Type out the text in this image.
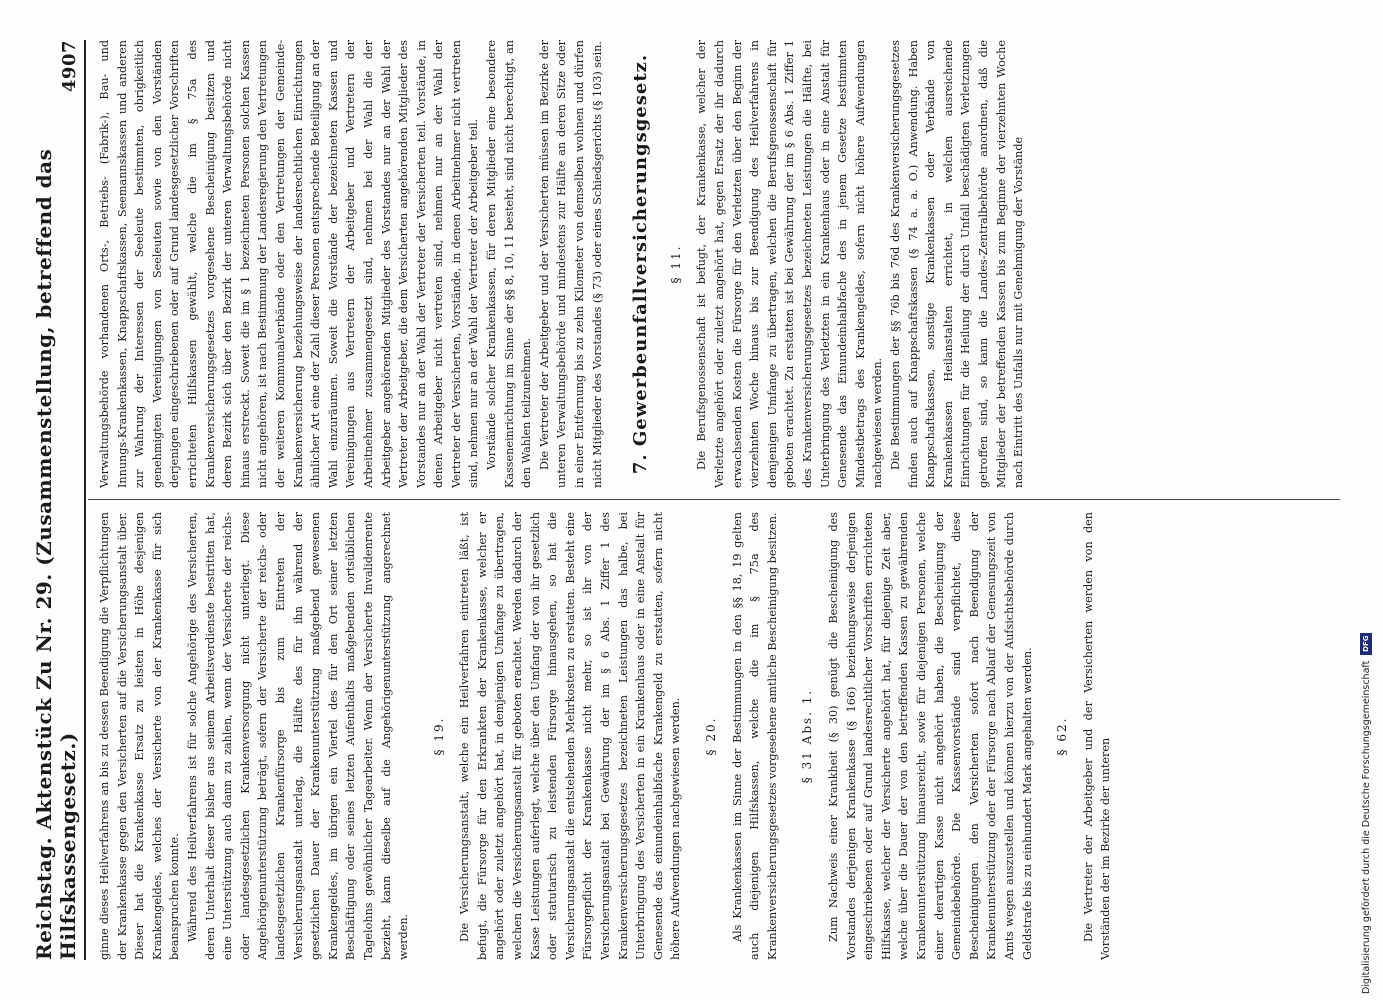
Reichstag. Aktenstück Zu Nr. 29. (Zusammenstellung, betreffend das Hilfskassengesetz.)
4907

ginne dieses Heilverfahrens an bis zu dessen Beendigung die Verpflichtungen der Krankenkasse gegen den Versicherten auf die Versicherungsanstalt über. Dieser hat die Krankenkasse Ersatz zu leisten in Höhe desjenigen Krankengeldes, welches der Versicherte von der Krankenkasse für sich beanspruchen konnte. Während des Heilverfahrens ist für solche Angehörige des Versicherten, deren Unterhalt dieser bisher aus seinem Arbeitsverdienste bestritten hat, eine Unterstützung auch dann zu zahlen, wenn der Versicherte der reichs- oder landesgesetzlichen Krankenversorgung nicht unterliegt. Diese Angehörigenunterstützung beträgt, sofern der Versicherte der reichs- oder landesgesetzlichen Krankenfürsorge bis zum Eintreten der Versicherungsanstalt unterlag, die Hälfte des für ihn während der gesetzlichen Dauer der Krankenunterstützung maßgebend gewesenen Krankengeldes, im übrigen ein Viertel des für den Ort seiner letzten Beschäftigung oder seines letzten Aufenthalts maßgebenden ortsüblichen Tagelohns gewöhnlicher Tagearbeiter. Wenn der Versicherte Invalidenrente bezieht, kann dieselbe auf die Angehörigenunterstützung angerechnet werden.

§ 19. Die Versicherungsanstalt, welche ein Heilverfahren eintreten läßt, ist befugt, die Fürsorge für den Erkrankten der Krankenkasse, welcher er angehört oder zuletzt angehört hat, in demjenigen Umfange zu übertragen, welchen die Versicherungsanstalt für geboten erachtet. Werden dadurch der Kasse Leistungen auferlegt, welche über den Umfang der von ihr gesetzlich oder statutarisch zu leistenden Fürsorge hinausgehen, so hat die Versicherungsanstalt die entstehenden Mehrkosten zu erstatten. Besteht eine Fürsorgepflicht der Krankenkasse nicht mehr, so ist ihr von der Versicherungsanstalt bei Gewährung der im § 6 Abs. 1 Ziffer 1 des Krankenversicherungsgesetzes bezeichneten Leistungen das halbe, bei Unterbringung des Versicherten in ein Krankenhaus oder in eine Anstalt für Genesende das einundeinhalbfache Krankengeld zu erstatten, sofern nicht höhere Aufwendungen nachgewiesen werden. § 20. Als Krankenkassen im Sinne der Bestimmungen in den §§ 18, 19 gelten auch diejenigen Hilfskassen, welche die im § 75a des Krankenversicherungsgesetzes vorgesehene amtliche Bescheinigung besitzen. § 31 Abs. 1. Zum Nachweis einer Krankheit (§ 30) genügt die Bescheinigung des Vorstandes derjenigen Krankenkasse (§ 166) beziehungsweise derjenigen eingeschriebenen oder auf Grund landesrechtlicher Vorschriften errichteten Hilfskasse, welcher der Versicherte angehört hat, für diejenige Zeit aber, welche über die Dauer der von den betreffenden Kassen zu gewährenden Krankenunterstützung hinausreicht, sowie für diejenigen Personen, welche einer derartigen Kasse nicht angehört haben, die Bescheinigung der Gemeindebehörde. Die Kassenvorstände sind verpflichtet, diese Bescheinigungen den Versicherten sofort nach Beendigung der Krankenunterstützung oder der Fürsorge nach Ablauf der Genesungszeit von Amts wegen auszustellen und können hierzu von der Aufsichtsbehörde durch Geldstrafe bis zu einhundert Mark angehalten werden. § 62. Die Vertreter der Arbeitgeber und der Versicherten werden von den Vorständen der im Bezirke der unteren

Verwaltungsbehörde vorhandenen Orts-, Betriebs- (Fabrik-), Bau- und Innungs-Krankenkassen, Knappschaftskassen, Seemannskassen und anderen zur Wahrung der Interessen der Seeleute bestimmten, obrigkeitlich genehmigten Vereinigungen von Seeleuten sowie von den Vorständen derjenigen eingeschriebenen oder auf Grund landesgesetzlicher Vorschriften errichteten Hilfskassen gewählt, welche die im § 75a des Krankenversicherungsgesetzes vorgesehene Bescheinigung besitzen und deren Bezirk sich über den Bezirk der unteren Verwaltungsbehörde nicht hinaus erstreckt. Soweit die im § 1 bezeichneten Personen solchen Kassen nicht angehören, ist nach Bestimmung der Landesregierung den Vertretungen der weiteren Kommunalverbände oder den Vertretungen der Gemeinde-Krankenversicherung beziehungsweise der landesrechtlichen Einrichtungen ähnlicher Art eine der Zahl dieser Personen entsprechende Beteiligung an der Wahl einzuräumen. Soweit die Vorstände der bezeichneten Kassen und Vereinigungen aus Vertretern der Arbeitgeber und Vertretern der Arbeitnehmer zusammengesetzt sind, nehmen bei der Wahl die der Arbeitgeber angehörenden Mitglieder des Vorstandes nur an der Wahl der Vertreter der Arbeitgeber, die dem Versicherten angehörenden Mitglieder des Vorstandes nur an der Wahl der Vertreter der Versicherten teil. Vorstände, in denen Arbeitgeber nicht vertreten sind, nehmen nur an der Wahl der Vertreter der Versicherten, Vorstände, in denen Arbeitnehmer nicht vertreten sind, nehmen nur an der Wahl der Vertreter der Arbeitgeber teil. Vorstände solcher Krankenkassen, für deren Mitglieder eine besondere Kasseneinrichtung im Sinne der §§ 8, 10, 11 besteht, sind nicht berechtigt, an den Wahlen teilzunehmen. Die Vertreter der Arbeitgeber und der Versicherten müssen im Bezirke der unteren Verwaltungsbehörde und mindestens zur Hälfte an deren Sitze oder in einer Entfernung bis zu zehn Kilometer von demselben wohnen und dürfen nicht Mitglieder des Vorstandes (§ 73) oder eines Schiedsgerichts (§ 103) sein. 7. Gewerbeunfallversicherungsgesetz. § 11. Die Berufsgenossenschaft ist befugt, der Krankenkasse, welcher der Verletzte angehört oder zuletzt angehört hat, gegen Ersatz der ihr dadurch erwachsenden Kosten die Fürsorge für den Verletzten über den Beginn der vierzehnten Woche hinaus bis zur Beendigung des Heilverfahrens in demjenigen Umfange zu übertragen, welchen die Berufsgenossenschaft für geboten erachtet. Zu erstatten ist bei Gewährung der im § 6 Abs. 1 Ziffer 1 des Krankenversicherungsgesetzes bezeichneten Leistungen die Hälfte, bei Unterbringung des Verletzten in ein Krankenhaus oder in eine Anstalt für Genesende das Einundeinhalbfache des in jenem Gesetze bestimmten Mindestbetrags des Krankengeldes, sofern nicht höhere Aufwendungen nachgewiesen werden. Die Bestimmungen der §§ 76b bis 76d des Krankenversicherungsgesetzes finden auch auf Knappschaftskassen (§ 74 a. a. O.) Anwendung. Haben Knappschaftskassen, sonstige Krankenkassen oder Verbände von Krankenkassen Heilanstalten errichtet, in welchen ausreichende Einrichtungen für die Heilung der durch Unfall beschädigten Verletzungen getroffen sind, so kann die Landes-Zentralbehörde anordnen, daß die Mitglieder der betreffenden Kassen bis zum Beginne der vierzehnten Woche nach Eintritt des Unfalls nur mit Genehmigung der Vorstände

Digitalisierung gefördert durch die Deutsche Forschungsgemeinschaft
DFG
